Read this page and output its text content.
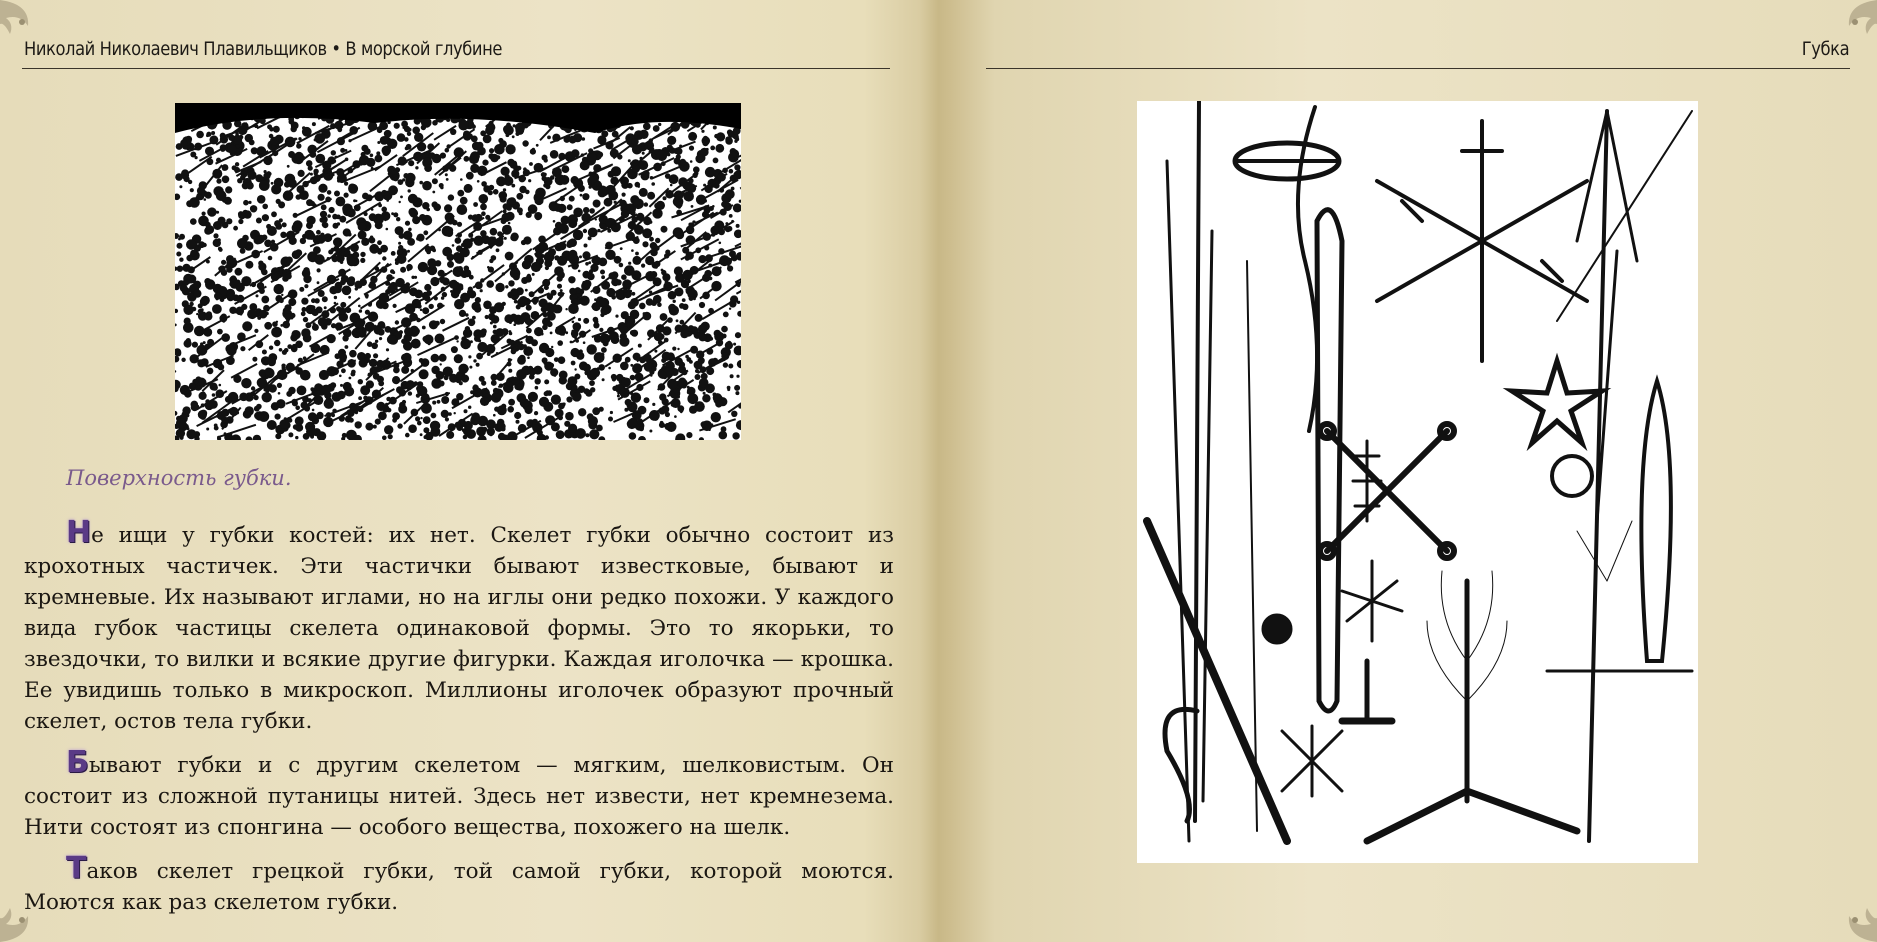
Николай Николаевич Плавильщиков • В морской глубине
Поверхность губки.

Не ищи у губки костей: их нет. Скелет губки обычно состоит из крохотных частичек. Эти частички бывают известковые, бывают и кремневые. Их называют иглами, но на иглы они редко похожи. У каждого вида губок частицы скелета одинаковой формы. Это то якорьки, то звездочки, то вилки и всякие другие фигурки. Каждая иголочка — крошка. Ее увидишь только в микроскоп. Миллионы иголочек образуют прочный скелет, остов тела губки.

Бывают губки и с другим скелетом — мягким, шелковистым. Он состоит из сложной путаницы нитей. Здесь нет извести, нет кремнезема. Нити состоят из спонгина — особого вещества, похожего на шелк.

Таков скелет грецкой губки, той самой губки, которой моются. Моются как раз скелетом губки.

Губка
